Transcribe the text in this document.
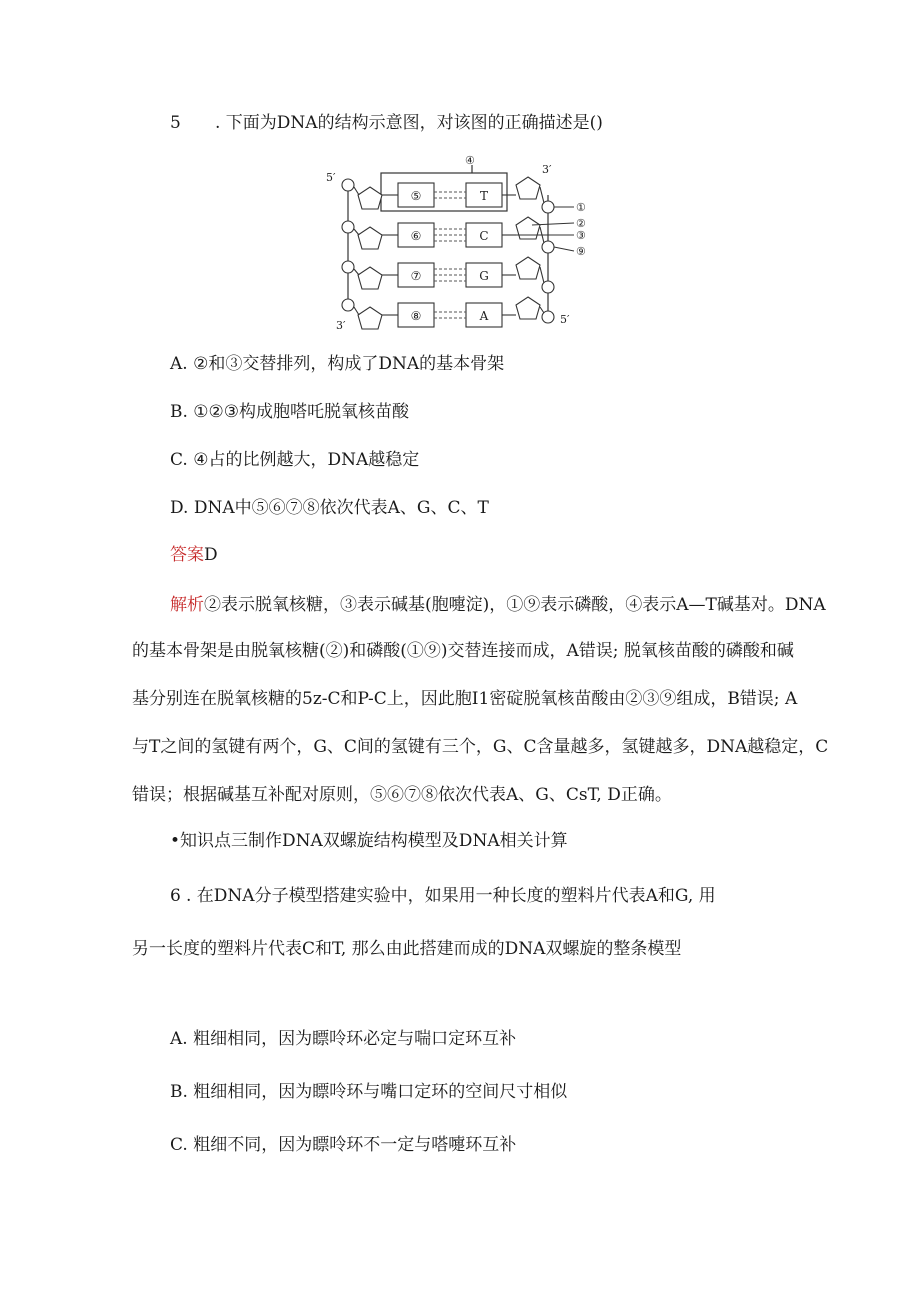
5 . 下面为DNA的结构示意图，对该图的正确描述是()
⑤	T
⑥	C
⑦	G
⑧	A
5′
3′
3′	5′
④
①
②
③
⑨
A. ②和③交替排列，构成了DNA的基本骨架
B. ①②③构成胞嗒吒脱氧核苗酸
C. ④占的比例越大，DNA越稳定
D. DNA中⑤⑥⑦⑧依次代表A、G、C、T
答案D
解析②表示脱氧核糖，③表示碱基(胞嚏淀)，①⑨表示磷酸，④表示A—T碱基对。DNA
的基本骨架是由脱氧核糖(②)和磷酸(①⑨)交替连接而成，A错误; 脱氧核苗酸的磷酸和碱
基分别连在脱氧核糖的5z-C和P-C上，因此胞I1密碇脱氧核苗酸由②③⑨组成，B错误; A
与T之间的氢键有两个，G、C间的氢键有三个，G、C含量越多，氢键越多，DNA越稳定，C
错误；根据碱基互补配对原则，⑤⑥⑦⑧依次代表A、G、CsT, D正确。
•知识点三制作DNA双螺旋结构模型及DNA相关计算
6 . 在DNA分子模型搭建实验中，如果用一种长度的塑料片代表A和G, 用
另一长度的塑料片代表C和T, 那么由此搭建而成的DNA双螺旋的整条模型
A. 粗细相同，因为瞟呤环必定与喘口定环互补
B. 粗细相同，因为瞟呤环与嘴口定环的空间尺寸相似
C. 粗细不同，因为瞟呤环不一定与嗒嚏环互补
